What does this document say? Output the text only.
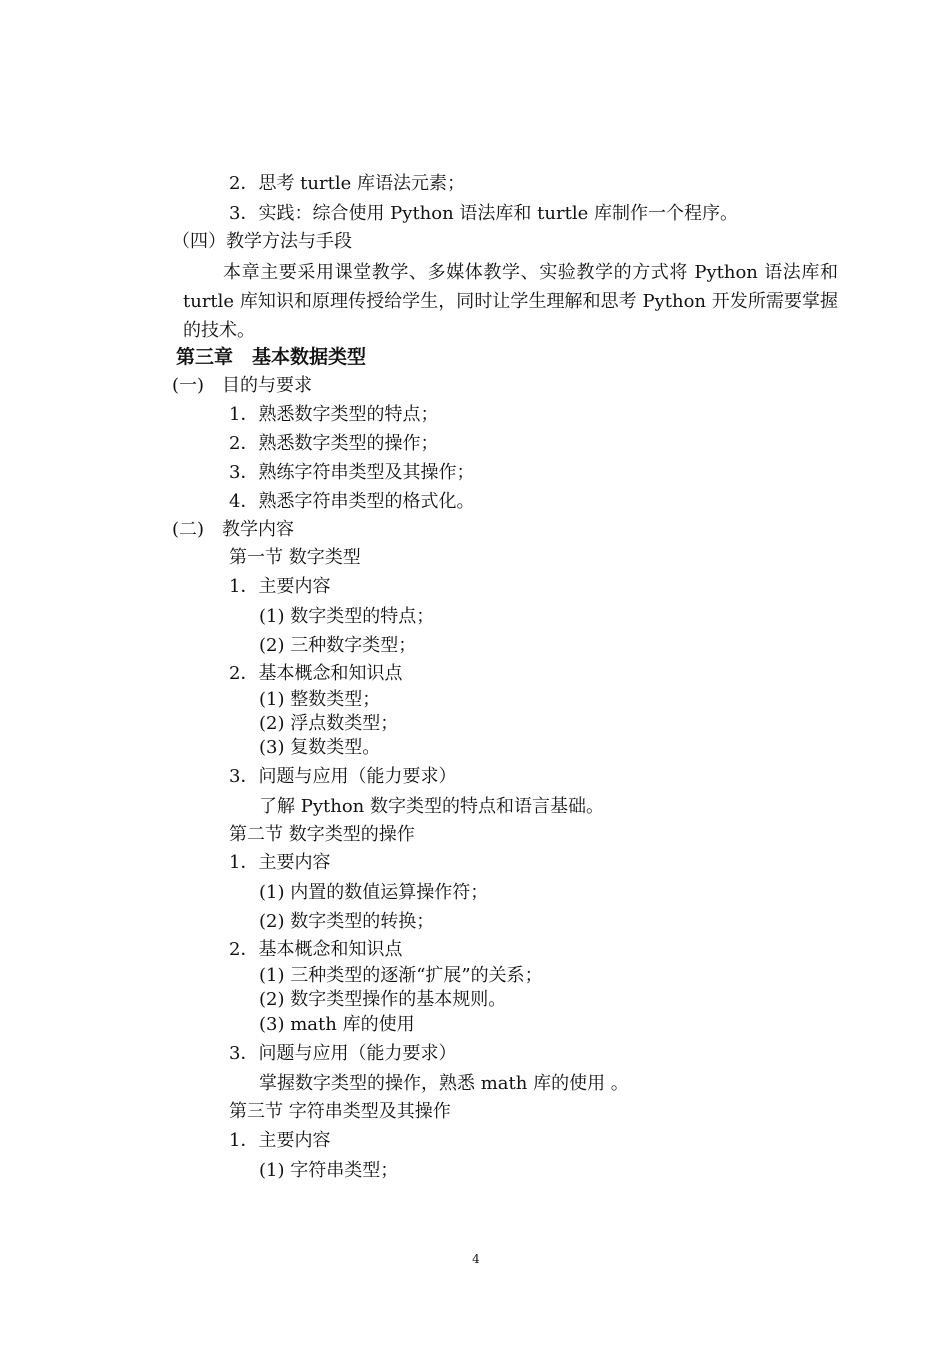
2．思考 turtle 库语法元素；
3．实践：综合使用 Python 语法库和 turtle 库制作一个程序。
（四）教学方法与手段
本章主要采用课堂教学、多媒体教学、实验教学的方式将 Python 语法库和 turtle 库知识和原理传授给学生，同时让学生理解和思考 Python 开发所需要掌握的技术。
第三章　基本数据类型
(一)　目的与要求
1．熟悉数字类型的特点；
2．熟悉数字类型的操作；
3．熟练字符串类型及其操作；
4．熟悉字符串类型的格式化。
(二)　教学内容
第一节 数字类型
1．主要内容
(1) 数字类型的特点；
(2) 三种数字类型；
2．基本概念和知识点
(1) 整数类型；
(2) 浮点数类型；
(3) 复数类型。
3．问题与应用（能力要求）
了解 Python 数字类型的特点和语言基础。
第二节 数字类型的操作
1．主要内容
(1) 内置的数值运算操作符；
(2) 数字类型的转换；
2．基本概念和知识点
(1) 三种类型的逐渐“扩展”的关系；
(2) 数字类型操作的基本规则。
(3) math 库的使用
3．问题与应用（能力要求）
掌握数字类型的操作，熟悉 math 库的使用 。
第三节 字符串类型及其操作
1．主要内容
(1) 字符串类型；
4
